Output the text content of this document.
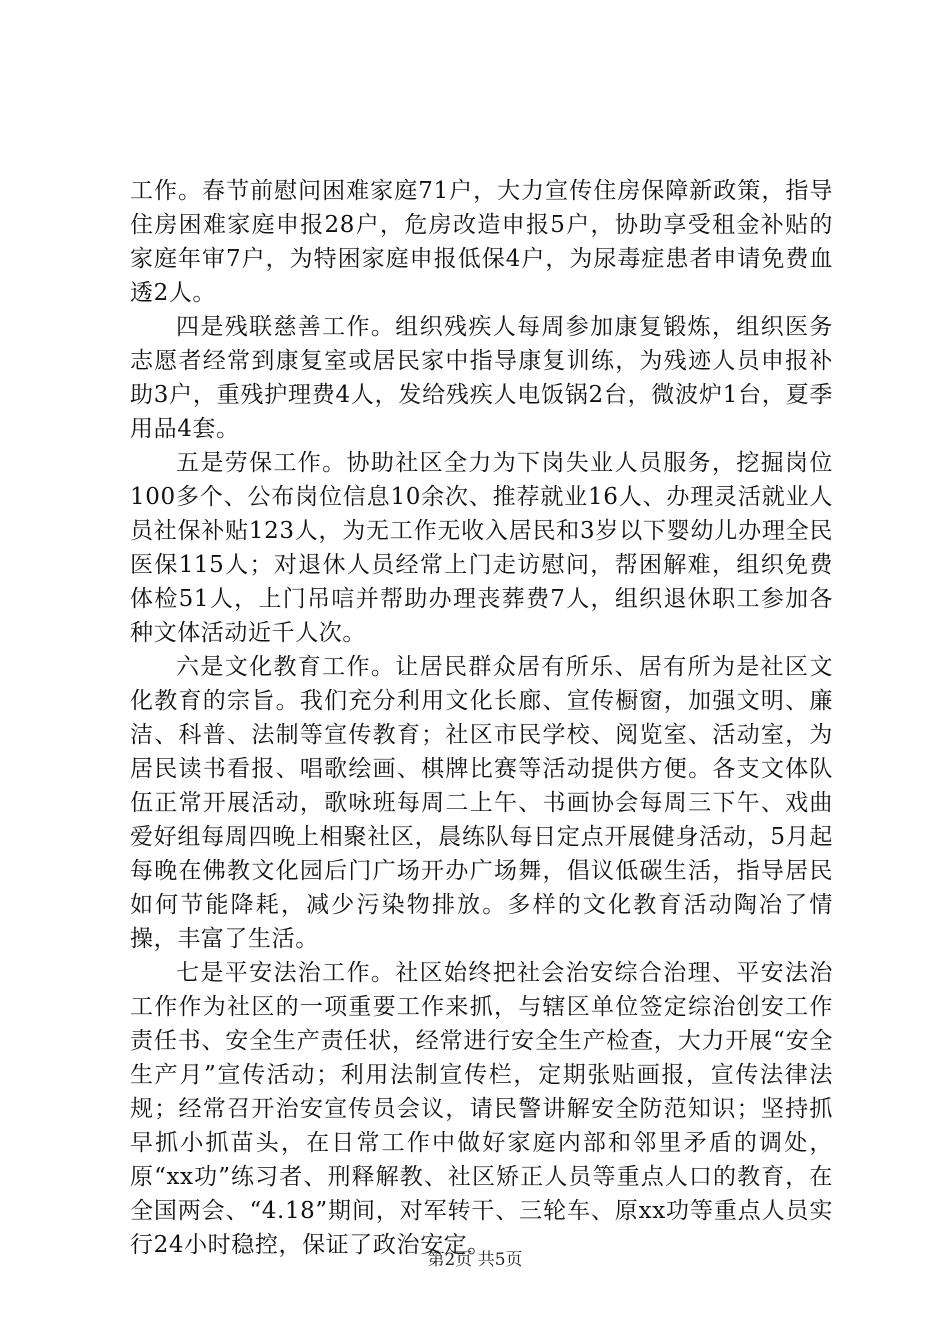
工作。春节前慰问困难家庭71户，大力宣传住房保障新政策，指导住房困难家庭申报28户，危房改造申报5户，协助享受租金补贴的家庭年审7户，为特困家庭申报低保4户，为尿毒症患者申请免费血透2人。

四是残联慈善工作。组织残疾人每周参加康复锻炼，组织医务志愿者经常到康复室或居民家中指导康复训练，为残迹人员申报补助3户，重残护理费4人，发给残疾人电饭锅2台，微波炉1台，夏季用品4套。

五是劳保工作。协助社区全力为下岗失业人员服务，挖掘岗位100多个、公布岗位信息10余次、推荐就业16人、办理灵活就业人员社保补贴123人，为无工作无收入居民和3岁以下婴幼儿办理全民医保115人；对退休人员经常上门走访慰问，帮困解难，组织免费体检51人，上门吊唁并帮助办理丧葬费7人，组织退休职工参加各种文体活动近千人次。

六是文化教育工作。让居民群众居有所乐、居有所为是社区文化教育的宗旨。我们充分利用文化长廊、宣传橱窗，加强文明、廉洁、科普、法制等宣传教育；社区市民学校、阅览室、活动室，为居民读书看报、唱歌绘画、棋牌比赛等活动提供方便。各支文体队伍正常开展活动，歌咏班每周二上午、书画协会每周三下午、戏曲爱好组每周四晚上相聚社区，晨练队每日定点开展健身活动，5月起每晚在佛教文化园后门广场开办广场舞，倡议低碳生活，指导居民如何节能降耗，减少污染物排放。多样的文化教育活动陶冶了情操，丰富了生活。

七是平安法治工作。社区始终把社会治安综合治理、平安法治工作作为社区的一项重要工作来抓，与辖区单位签定综治创安工作责任书、安全生产责任状，经常进行安全生产检查，大力开展“安全生产月”宣传活动；利用法制宣传栏，定期张贴画报，宣传法律法规；经常召开治安宣传员会议，请民警讲解安全防范知识；坚持抓早抓小抓苗头，在日常工作中做好家庭内部和邻里矛盾的调处，原“xx功”练习者、刑释解教、社区矫正人员等重点人口的教育，在全国两会、“4.18”期间，对军转干、三轮车、原xx功等重点人员实行24小时稳控，保证了政治安定。

第2页 共5页
